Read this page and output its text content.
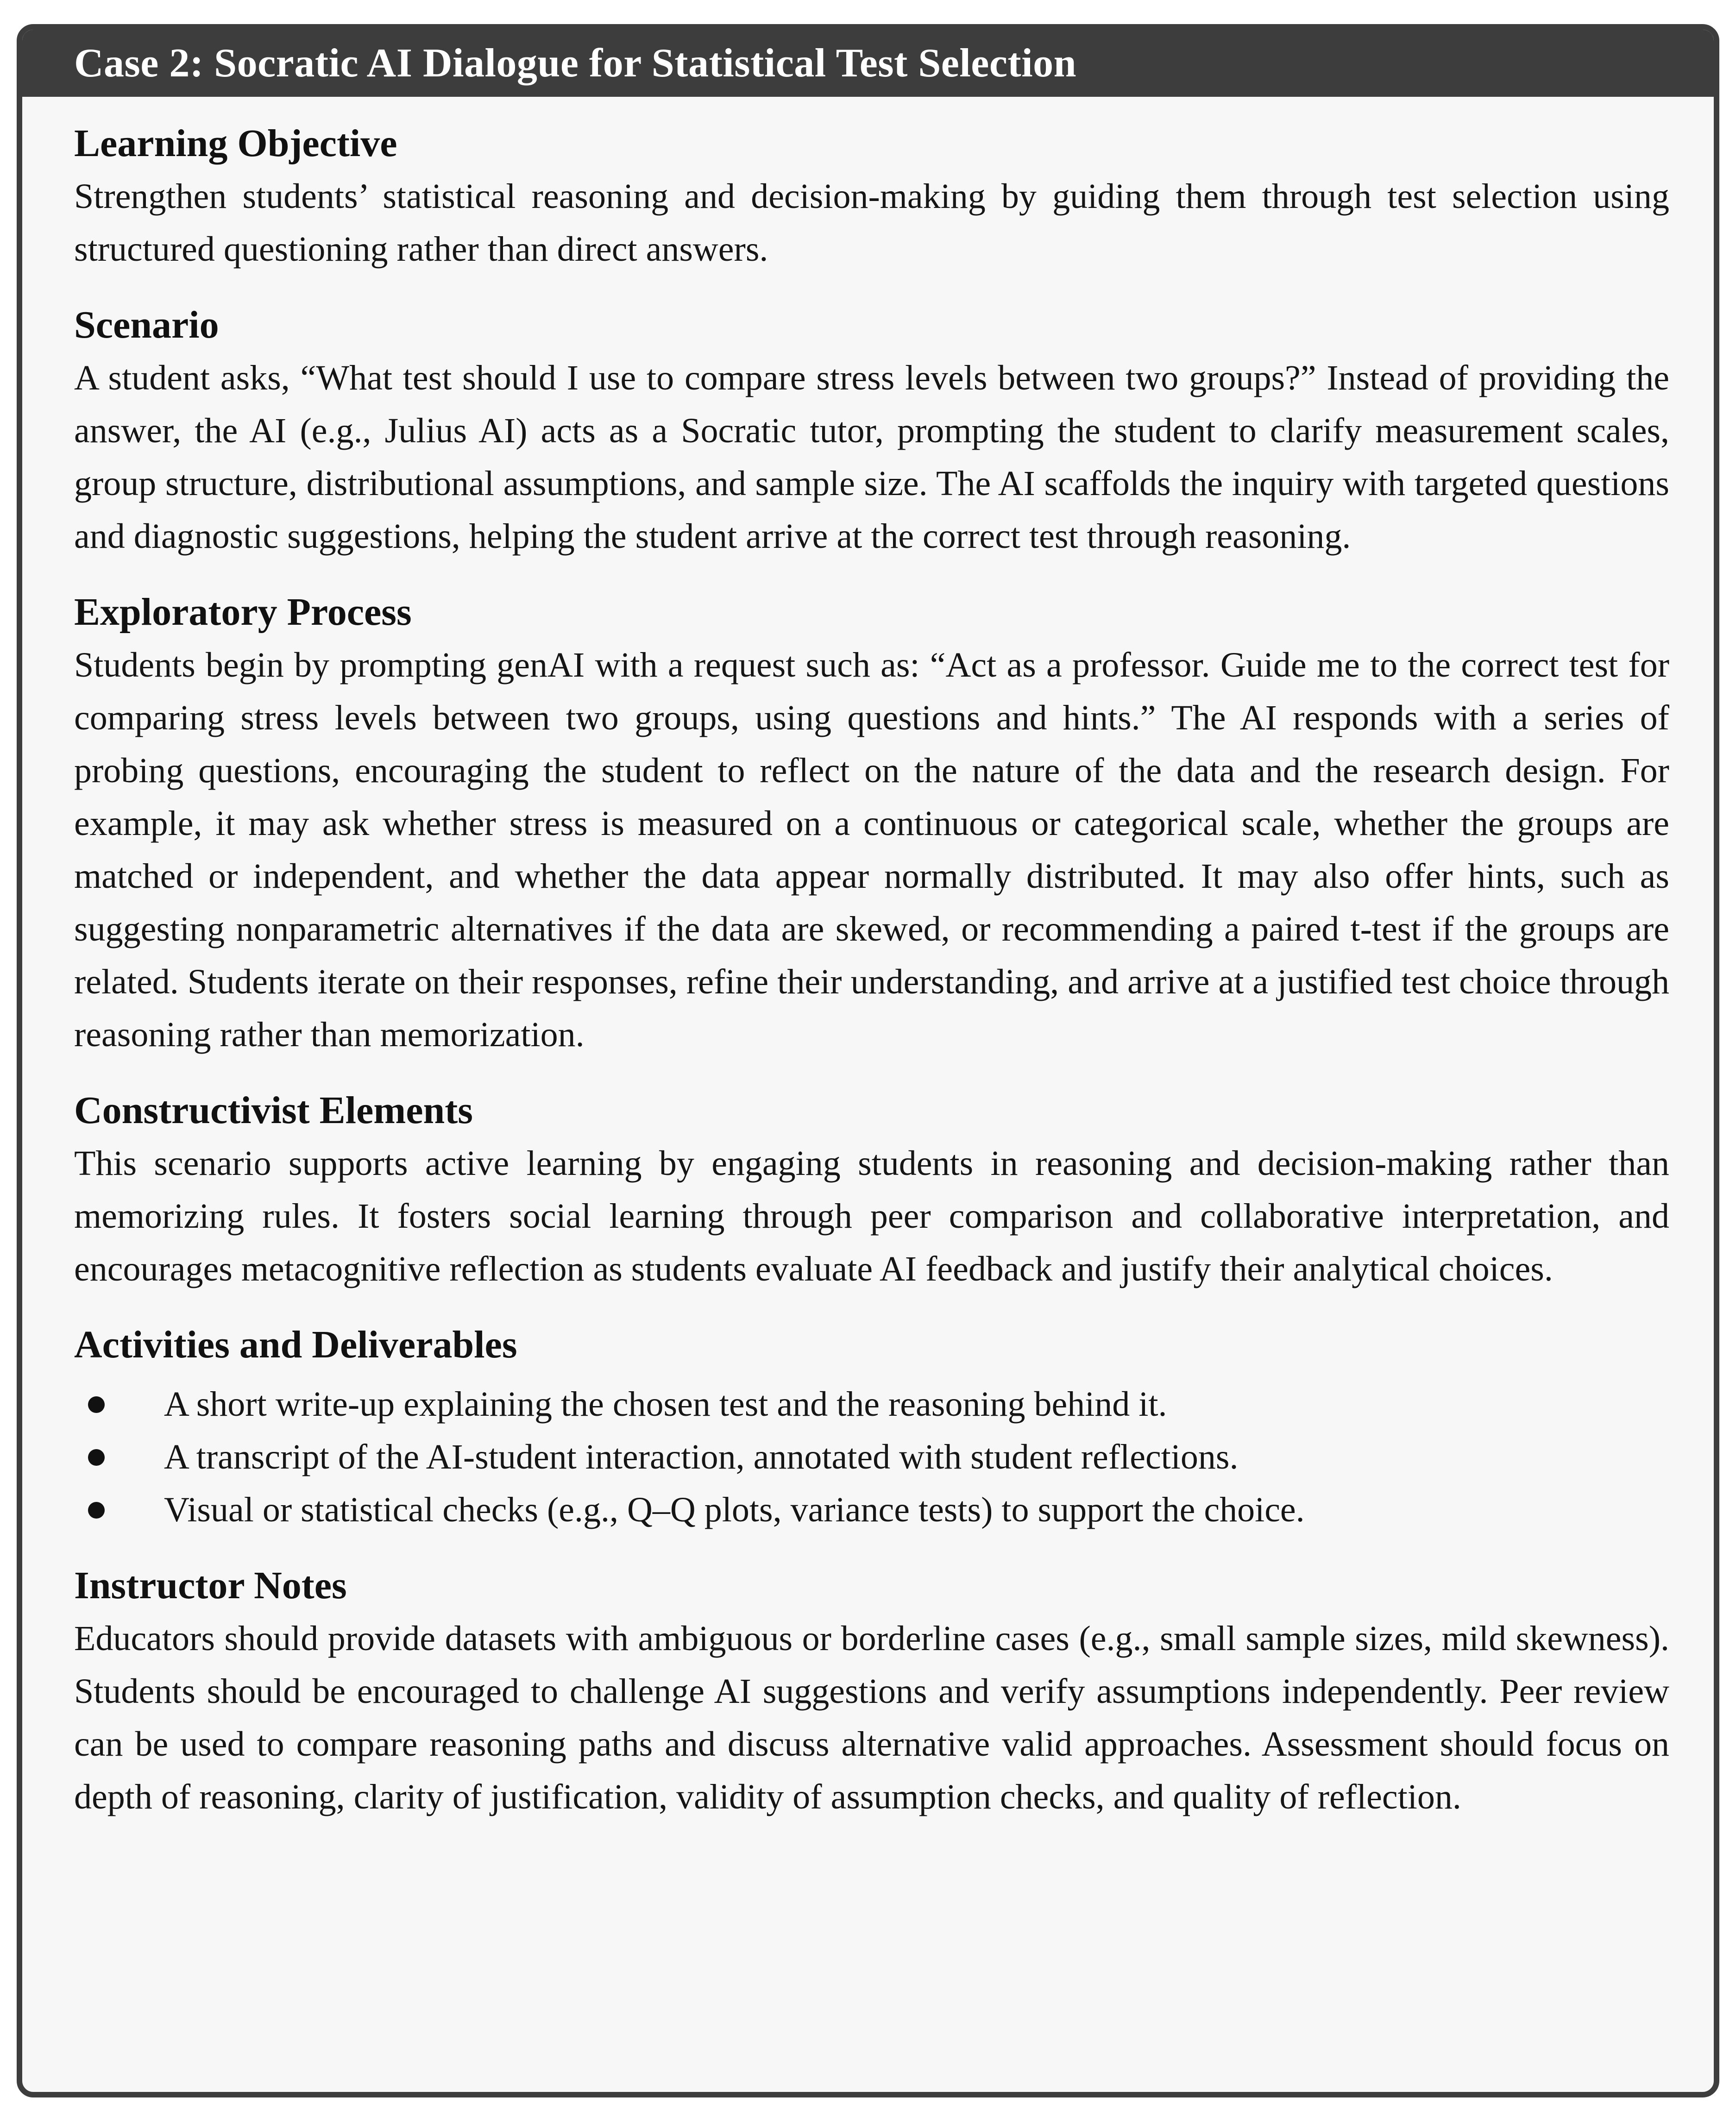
Case 2: Socratic AI Dialogue for Statistical Test Selection
Learning Objective

Strengthen students’ statistical reasoning and decision-making by guiding them through test selection using structured questioning rather than direct answers.

Scenario

A student asks, “What test should I use to compare stress levels between two groups?” Instead of providing the answer, the AI (e.g., Julius AI) acts as a Socratic tutor, prompting the student to clarify measurement scales, group structure, distributional assumptions, and sample size. The AI scaffolds the inquiry with targeted questions and diagnostic suggestions, helping the student arrive at the correct test through reasoning.

Exploratory Process

Students begin by prompting genAI with a request such as: “Act as a professor. Guide me to the correct test for comparing stress levels between two groups, using questions and hints.” The AI responds with a series of probing questions, encouraging the student to reflect on the nature of the data and the research design. For example, it may ask whether stress is measured on a continuous or categorical scale, whether the groups are matched or independent, and whether the data appear normally distributed. It may also offer hints, such as suggesting nonparametric alternatives if the data are skewed, or recommending a paired t-test if the groups are related. Students iterate on their responses, refine their understanding, and arrive at a justified test choice through reasoning rather than memorization.

Constructivist Elements

This scenario supports active learning by engaging students in reasoning and decision-making rather than memorizing rules. It fosters social learning through peer comparison and collaborative interpretation, and encourages metacognitive reflection as students evaluate AI feedback and justify their analytical choices.

Activities and Deliverables
A short write-up explaining the chosen test and the reasoning behind it.
A transcript of the AI-student interaction, annotated with student reflections.
Visual or statistical checks (e.g., Q–Q plots, variance tests) to support the choice.
Instructor Notes

Educators should provide datasets with ambiguous or borderline cases (e.g., small sample sizes, mild skewness). Students should be encouraged to challenge AI suggestions and verify assumptions independently. Peer review can be used to compare reasoning paths and discuss alternative valid approaches. Assessment should focus on depth of reasoning, clarity of justification, validity of assumption checks, and quality of reflection.
